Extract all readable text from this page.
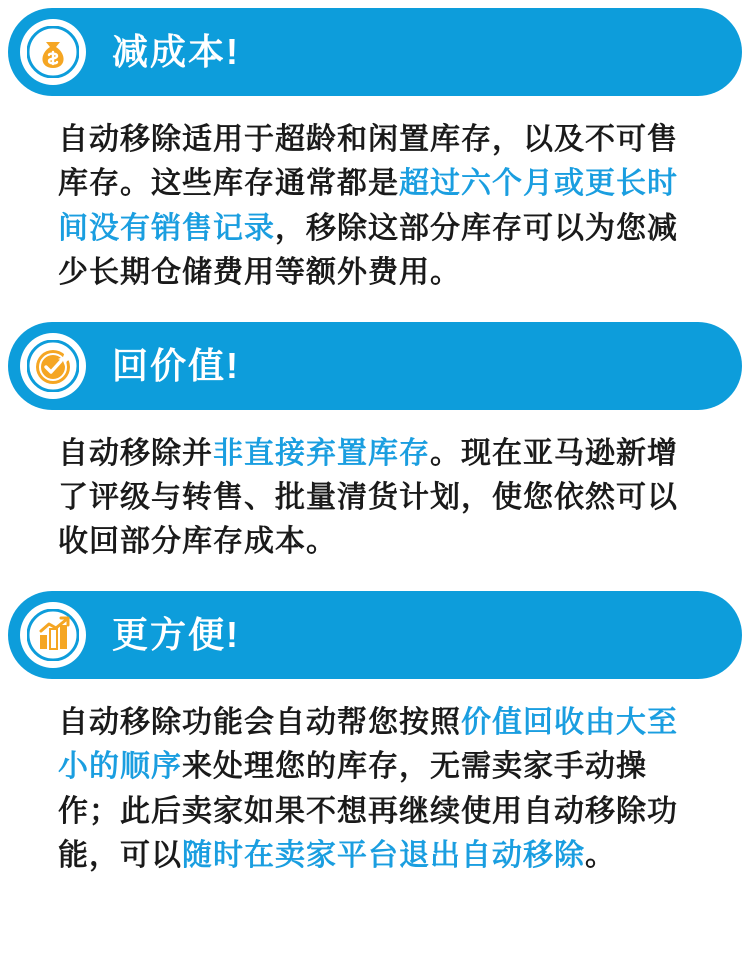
减成本!
自动移除适用于超龄和闲置库存，以及不可售库存。这些库存通常都是超过六个月或更长时间没有销售记录，移除这部分库存可以为您减少长期仓储费用等额外费用。
回价值!
自动移除并非直接弃置库存。现在亚马逊新增了评级与转售、批量清货计划，使您依然可以收回部分库存成本。
更方便!
自动移除功能会自动帮您按照价值回收由大至小的顺序来处理您的库存，无需卖家手动操作；此后卖家如果不想再继续使用自动移除功能，可以随时在卖家平台退出自动移除。
